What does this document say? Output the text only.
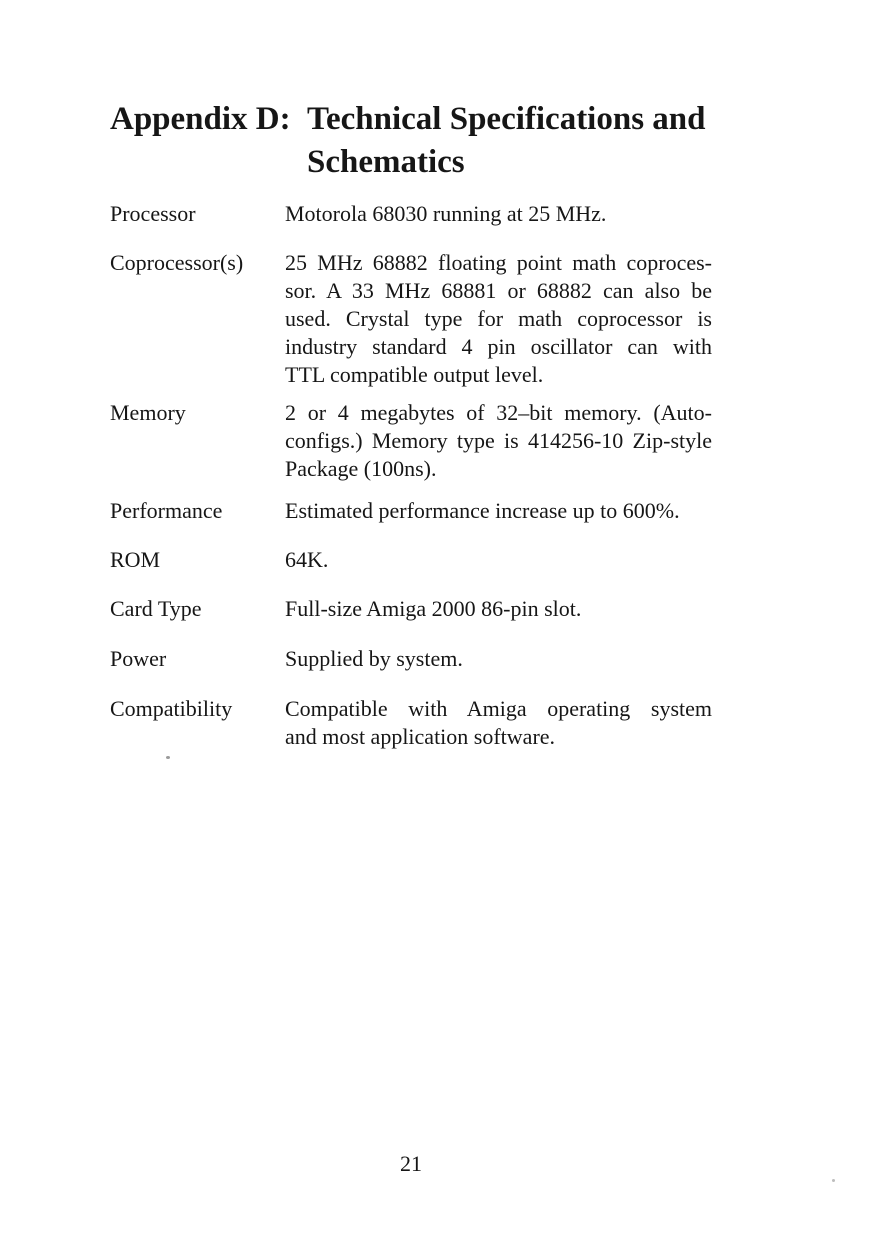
Appendix D: Technical Specifications and
Schematics
Processor	Motorola 68030 running at 25 MHz.
Coprocessor(s)	25 MHz 68882 floating point math coproces-
sor. A 33 MHz 68881 or 68882 can also be
used. Crystal type for math coprocessor is
industry standard 4 pin oscillator can with
TTL compatible output level.
Memory	2 or 4 megabytes of 32–bit memory. (Auto-
configs.) Memory type is 414256-10 Zip-style
Package (100ns).
Performance	Estimated performance increase up to 600%.
ROM	64K.
Card Type	Full-size Amiga 2000 86-pin slot.
Power	Supplied by system.
Compatibility	Compatible with Amiga operating system
and most application software.
21
